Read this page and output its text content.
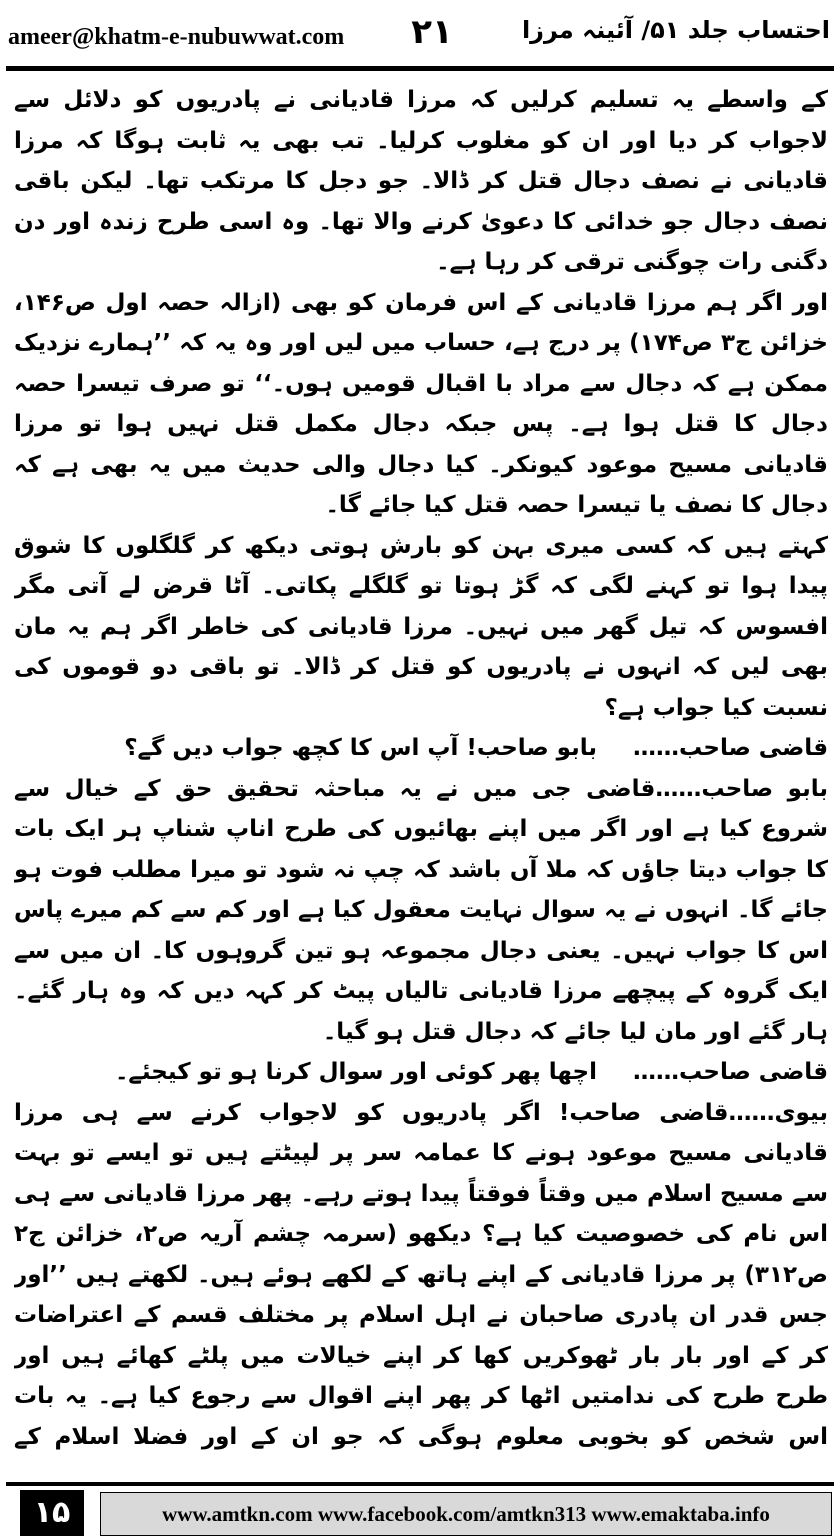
ameer@khatm-e-nubuwwat.com ۲۱	احتساب جلد ۵۱/ آئینہ مرزا

کے واسطے یہ تسلیم کرلیں کہ مرزا قادیانی نے پادریوں کو دلائل سے لاجواب کر دیا اور ان کو مغلوب کرلیا۔ تب بھی یہ ثابت ہوگا کہ مرزا قادیانی نے نصف دجال قتل کر ڈالا۔ جو دجل کا مرتکب تھا۔ لیکن باقی نصف دجال جو خدائی کا دعویٰ کرنے والا تھا۔ وہ اسی طرح زندہ اور دن دگنی رات چوگنی ترقی کر رہا ہے۔

اور اگر ہم مرزا قادیانی کے اس فرمان کو بھی (ازالہ حصہ اول ص۱۴۶، خزائن ج۳ ص۱۷۴) پر درج ہے، حساب میں لیں اور وہ یہ کہ ’’ہمارے نزدیک ممکن ہے کہ دجال سے مراد با اقبال قومیں ہوں۔‘‘ تو صرف تیسرا حصہ دجال کا قتل ہوا ہے۔ پس جبکہ دجال مکمل قتل نہیں ہوا تو مرزا قادیانی مسیح موعود کیونکر۔ کیا دجال والی حدیث میں یہ بھی ہے کہ دجال کا نصف یا تیسرا حصہ قتل کیا جائے گا۔

کہتے ہیں کہ کسی میری بہن کو بارش ہوتی دیکھ کر گلگلوں کا شوق پیدا ہوا تو کہنے لگی کہ گڑ ہوتا تو گلگلے پکاتی۔ آٹا قرض لے آتی مگر افسوس کہ تیل گھر میں نہیں۔ مرزا قادیانی کی خاطر اگر ہم یہ مان بھی لیں کہ انہوں نے پادریوں کو قتل کر ڈالا۔ تو باقی دو قوموں کی نسبت کیا جواب ہے؟

قاضی صاحب……
بابو صاحب! آپ اس کا کچھ جواب دیں گے؟

بابو صاحب……قاضی جی میں نے یہ مباحثہ تحقیق حق کے خیال سے شروع کیا ہے اور اگر میں اپنے بھائیوں کی طرح اناپ شناپ ہر ایک بات کا جواب دیتا جاؤں کہ ملا آں باشد کہ چپ نہ شود تو میرا مطلب فوت ہو جائے گا۔ انہوں نے یہ سوال نہایت معقول کیا ہے اور کم سے کم میرے پاس اس کا جواب نہیں۔ یعنی دجال مجموعہ ہو تین گروہوں کا۔ ان میں سے ایک گروہ کے پیچھے مرزا قادیانی تالیاں پیٹ کر کہہ دیں کہ وہ ہار گئے۔ ہار گئے اور مان لیا جائے کہ دجال قتل ہو گیا۔

قاضی صاحب……
اچھا پھر کوئی اور سوال کرنا ہو تو کیجئے۔

بیوی……قاضی صاحب! اگر پادریوں کو لاجواب کرنے سے ہی مرزا قادیانی مسیح موعود ہونے کا عمامہ سر پر لپیٹتے ہیں تو ایسے تو بہت سے مسیح اسلام میں وقتاً فوقتاً پیدا ہوتے رہے۔ پھر مرزا قادیانی سے ہی اس نام کی خصوصیت کیا ہے؟ دیکھو (سرمہ چشم آریہ ص۲، خزائن ج۲ ص۳۱۲) پر مرزا قادیانی کے اپنے ہاتھ کے لکھے ہوئے ہیں۔ لکھتے ہیں ’’اور جس قدر ان پادری صاحبان نے اہل اسلام پر مختلف قسم کے اعتراضات کر کے اور بار بار ٹھوکریں کھا کر اپنے خیالات میں پلٹے کھائے ہیں اور طرح طرح کی ندامتیں اٹھا کر پھر اپنے اقوال سے رجوع کیا ہے۔ یہ بات اس شخص کو بخوبی معلوم ہوگی کہ جو ان کے اور فضلا اسلام کے

۱۵	www.amtkn.com www.facebook.com/amtkn313 www.emaktaba.info
